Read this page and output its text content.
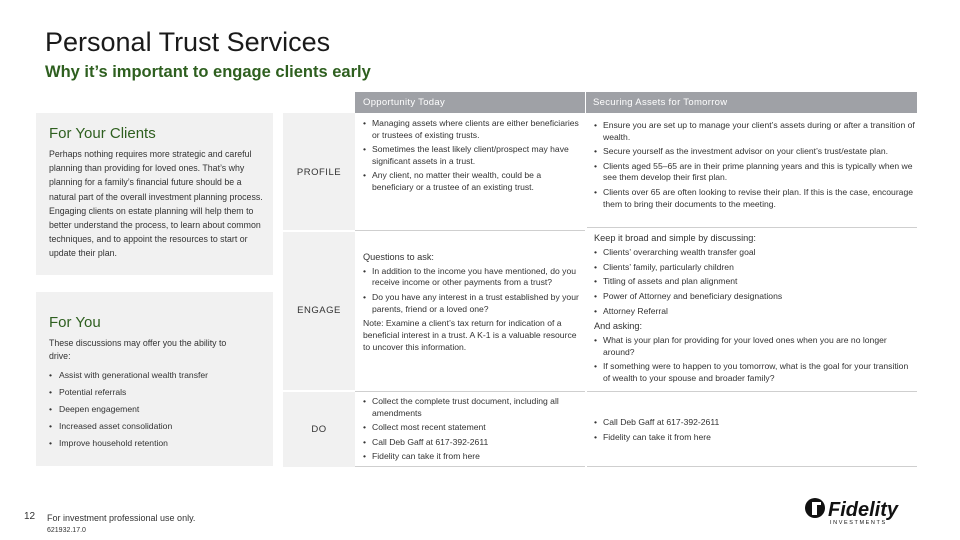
Personal Trust Services
Why it’s important to engage clients early
For Your Clients
Perhaps nothing requires more strategic and careful planning than providing for loved ones. That’s why planning for a family’s financial future should be a natural part of the overall investment planning process. Engaging clients on estate planning will help them to better understand the process, to learn about common techniques, and to appoint the resources to start or update their plan.
For You
These discussions may offer you the ability to drive:
• Assist with generational wealth transfer
• Potential referrals
• Deepen engagement
• Increased asset consolidation
• Improve household retention
PROFILE
ENGAGE
DO
Opportunity Today	Securing Assets for Tomorrow
• Managing assets where clients are either beneficiaries or trustees of existing trusts.
• Sometimes the least likely client/prospect may have significant assets in a trust.
• Any client, no matter their wealth, could be a beneficiary or a trustee of an existing trust.
• Ensure you are set up to manage your client’s assets during or after a transition of wealth.
• Secure yourself as the investment advisor on your client’s trust/estate plan.
• Clients aged 55–65 are in their prime planning years and this is typically when we see them develop their first plan.
• Clients over 65 are often looking to revise their plan. If this is the case, encourage them to bring their documents to the meeting.

Questions to ask:

• In addition to the income you have mentioned, do you receive income or other payments from a trust?
• Do you have any interest in a trust established by your parents, friend or a loved one?

Note: Examine a client’s tax return for indication of a beneficial interest in a trust. A K-1 is a valuable resource to uncover this information.

Keep it broad and simple by discussing:

• Clients’ overarching wealth transfer goal
• Clients’ family, particularly children
• Titling of assets and plan alignment
• Power of Attorney and beneficiary designations
• Attorney Referral

And asking:

• What is your plan for providing for your loved ones when you are no longer around?
• If something were to happen to you tomorrow, what is the goal for your transition of wealth to your spouse and broader family?
• Collect the complete trust document, including all amendments
• Collect most recent statement
• Call Deb Gaff at 617-392-2611
• Fidelity can take it from here
• Call Deb Gaff at 617-392-2611
• Fidelity can take it from here
12 For investment professional use only.
621932.17.0
Fidelity
INVESTMENTS
